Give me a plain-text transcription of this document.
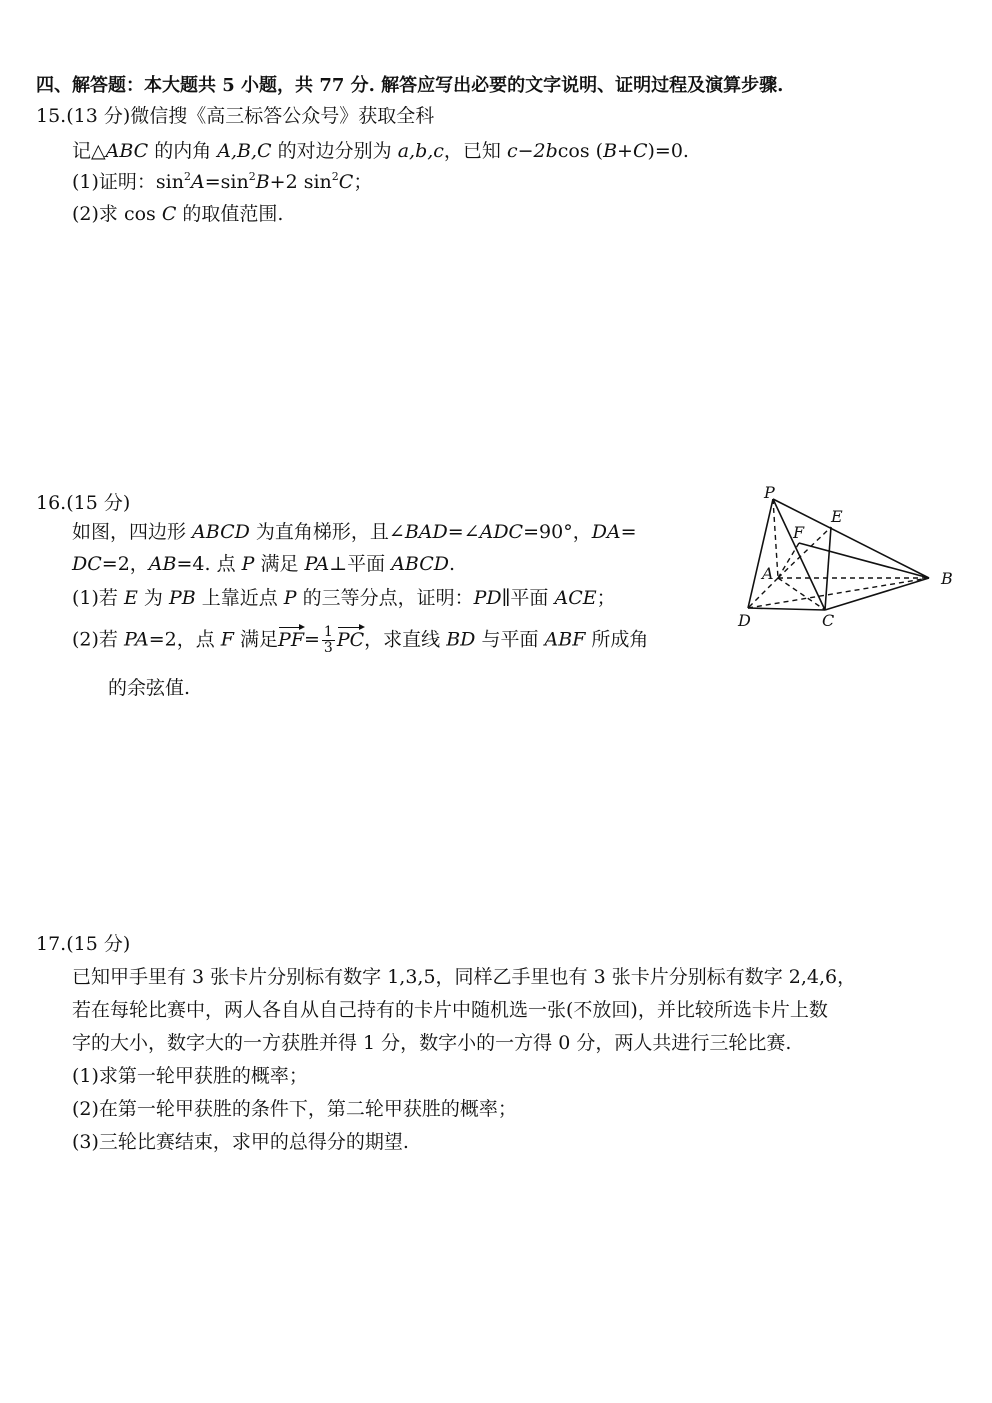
四、解答题：本大题共 5 小题，共 77 分. 解答应写出必要的文字说明、证明过程及演算步骤.
15.(13 分)微信搜《高三标答公众号》获取全科
记△ABC 的内角 A,B,C 的对边分别为 a,b,c，已知 c−2bcos (B+C)=0.
(1)证明：$\sin^2A=\sin^2B+2$ $\sin^2C$；
(2)求 cos C 的取值范围.
16.(15 分)
如图，四边形 ABCD 为直角梯形，且∠BAD=∠ADC=90°，DA=
DC=2，AB=4. 点 P 满足 PA⊥平面 ABCD.
(1)若 E 为 PB 上靠近点 P 的三等分点，证明：PD∥平面 ACE；
(2)若 PA=2，点 F 满足$PF= \frac{1}{3}$ PC，求直线 BD 与平面 ABF 所成角
的余弦值.
P
E
F
A	B
D	C
17.(15 分)
已知甲手里有 3 张卡片分别标有数字 1,3,5，同样乙手里也有 3 张卡片分别标有数字 2,4,6，
若在每轮比赛中，两人各自从自己持有的卡片中随机选一张(不放回)，并比较所选卡片上数
字的大小，数字大的一方获胜并得 1 分，数字小的一方得 0 分，两人共进行三轮比赛.
(1)求第一轮甲获胜的概率；
(2)在第一轮甲获胜的条件下，第二轮甲获胜的概率；
(3)三轮比赛结束，求甲的总得分的期望.
